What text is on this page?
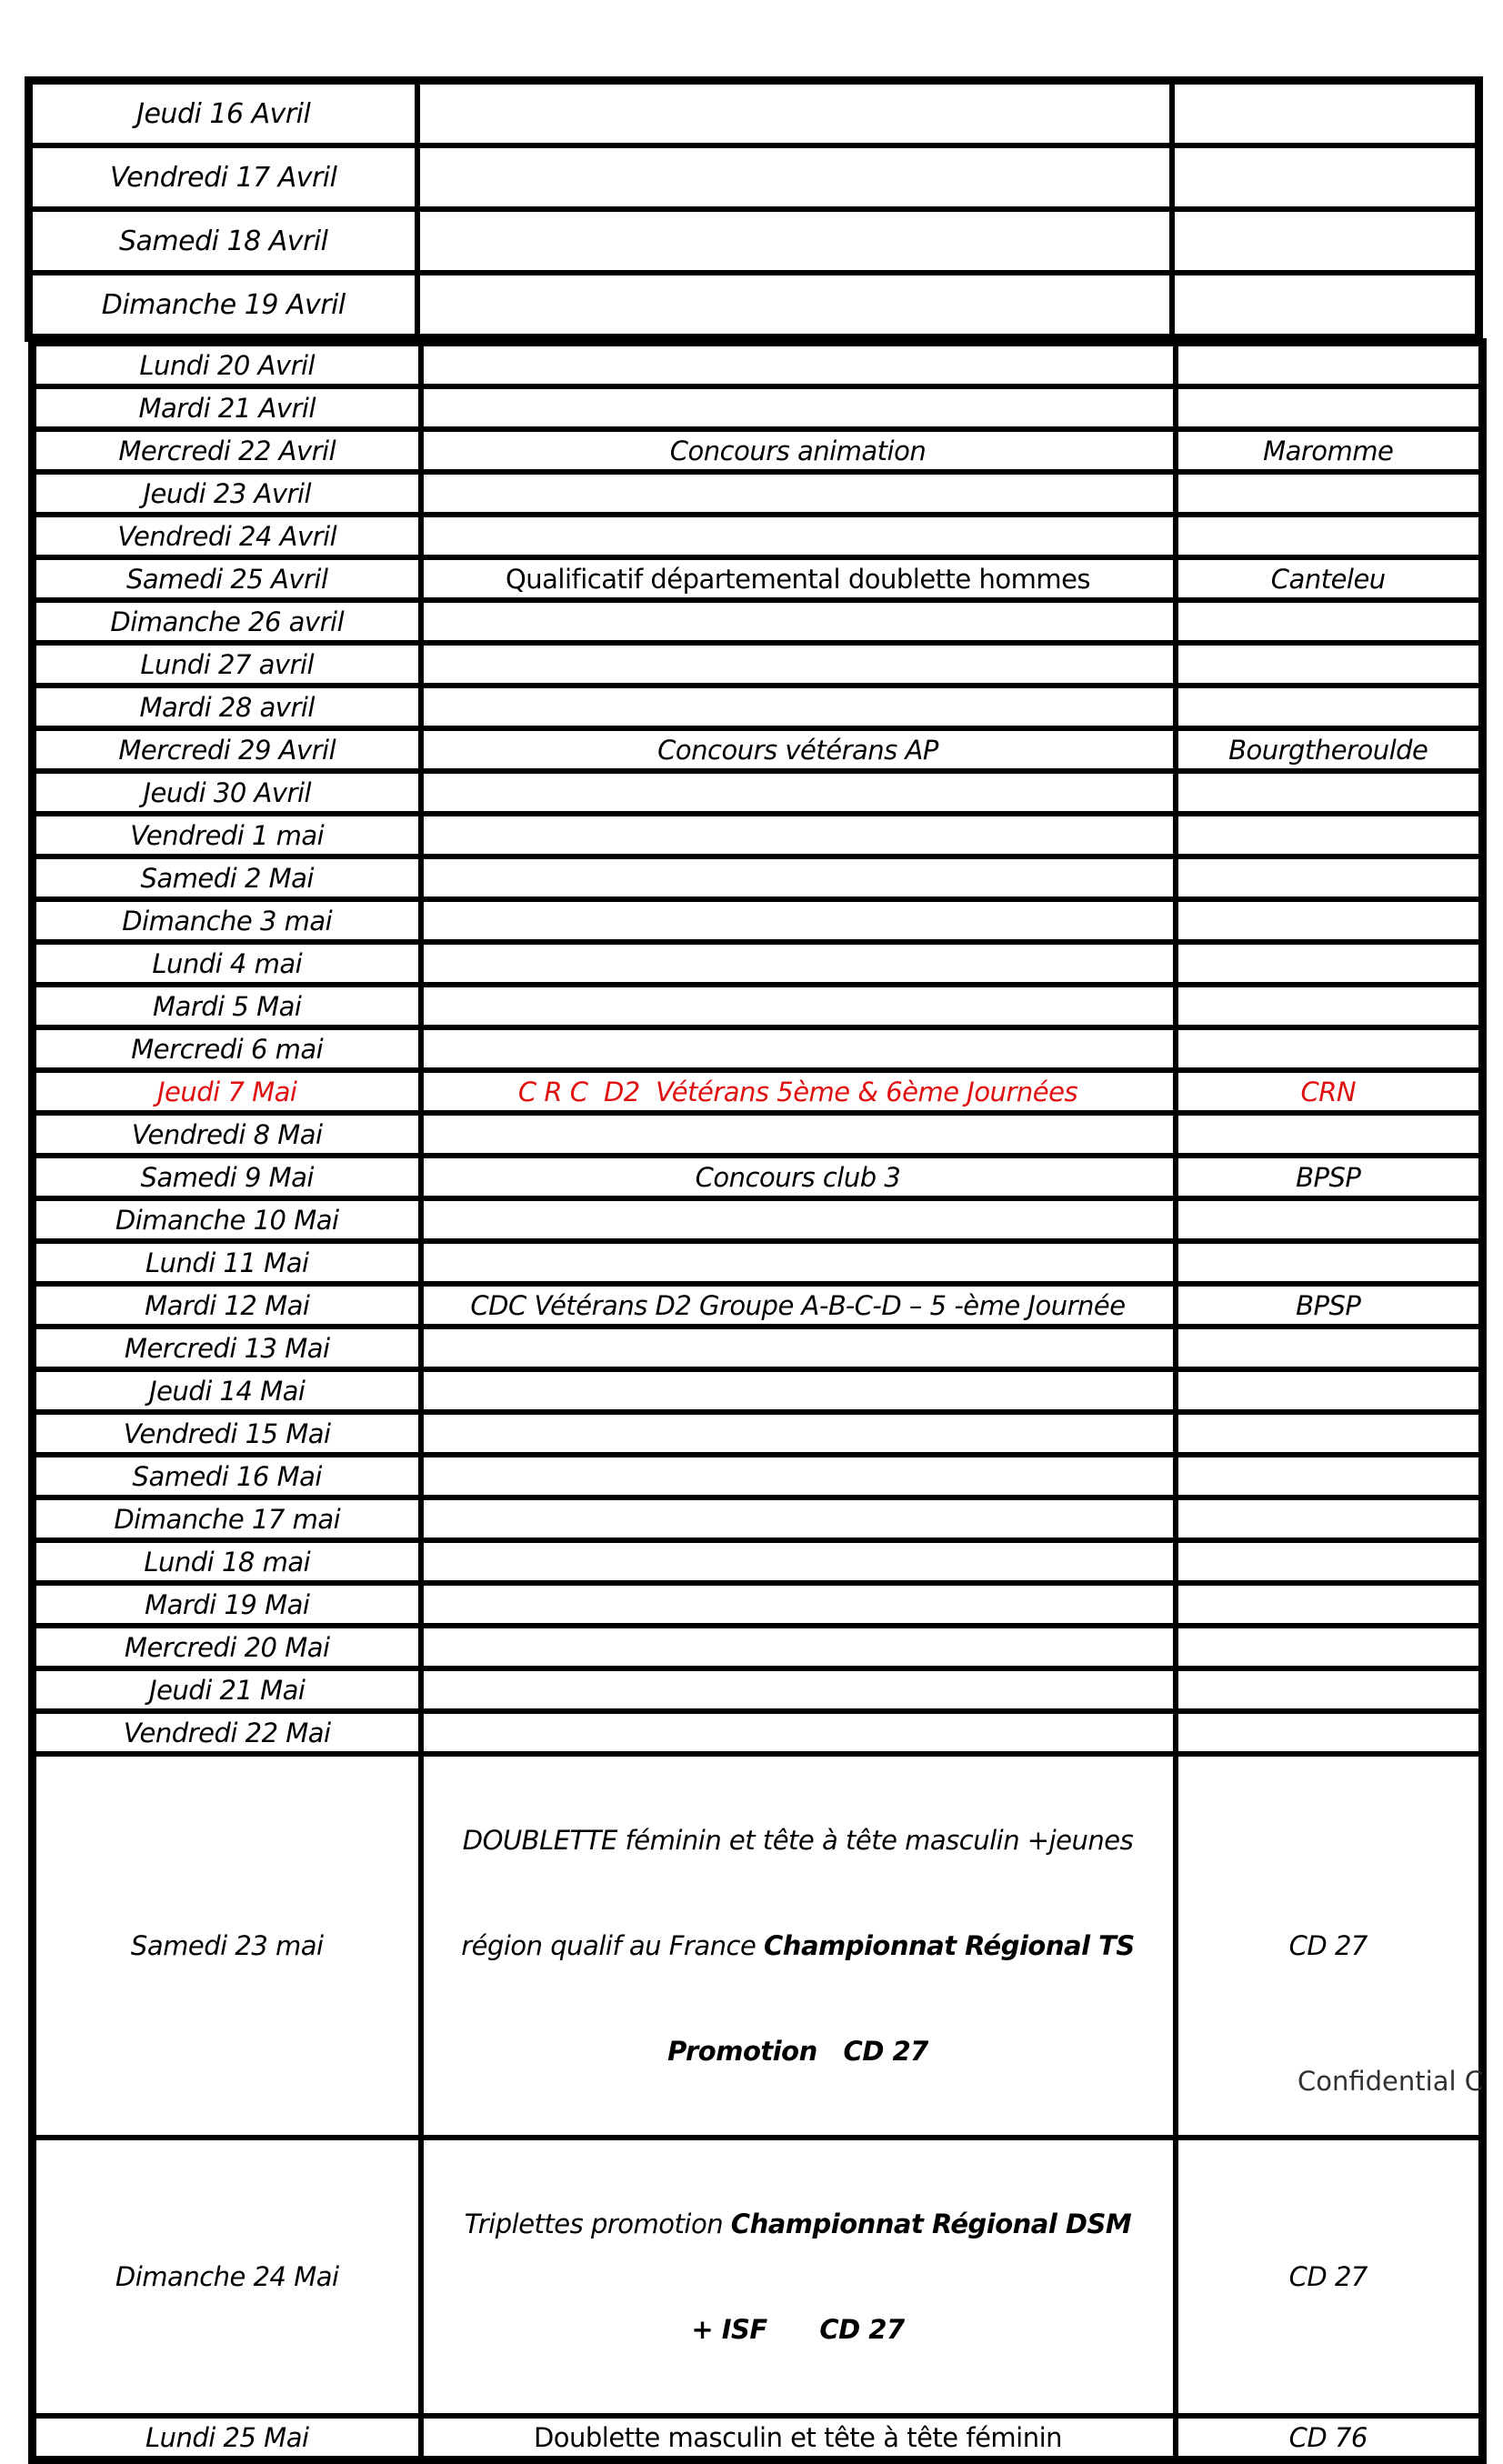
Jeudi 16 Avril		
Vendredi 17 Avril		
Samedi 18 Avril		
Dimanche 19 Avril		
Lundi 20 Avril		
Mardi 21 Avril		
Mercredi 22 Avril	Concours animation	Maromme
Jeudi 23 Avril		
Vendredi 24 Avril		
Samedi 25 Avril	Qualificatif départemental doublette hommes	Canteleu
Dimanche 26 avril		
Lundi 27 avril		
Mardi 28 avril		
Mercredi 29 Avril	Concours vétérans AP	Bourgtheroulde
Jeudi 30 Avril		
Vendredi 1 mai		
Samedi 2 Mai		
Dimanche 3 mai		
Lundi 4 mai		
Mardi 5 Mai		
Mercredi 6 mai		
Jeudi 7 Mai	C R C  D2  Vétérans 5ème & 6ème Journées	CRN
Vendredi 8 Mai		
Samedi 9 Mai	Concours club 3	BPSP
Dimanche 10 Mai		
Lundi 11 Mai		
Mardi 12 Mai	CDC Vétérans D2 Groupe A-B-C-D – 5 -ème Journée	BPSP
Mercredi 13 Mai		
Jeudi 14 Mai		
Vendredi 15 Mai		
Samedi 16 Mai		
Dimanche 17 mai		
Lundi 18 mai		
Mardi 19 Mai		
Mercredi 20 Mai		
Jeudi 21 Mai		
Vendredi 22 Mai		
Samedi 23 mai	DOUBLETTE féminin et tête à tête masculin +jeunes

région qualif au France Championnat Régional TS

Promotion   CD 27	CD 27
Dimanche 24 Mai	Triplettes promotion Championnat Régional DSM

+ ISF      CD 27	CD 27
Lundi 25 Mai	Doublette masculin et tête à tête féminin	CD 76
Confidential C
